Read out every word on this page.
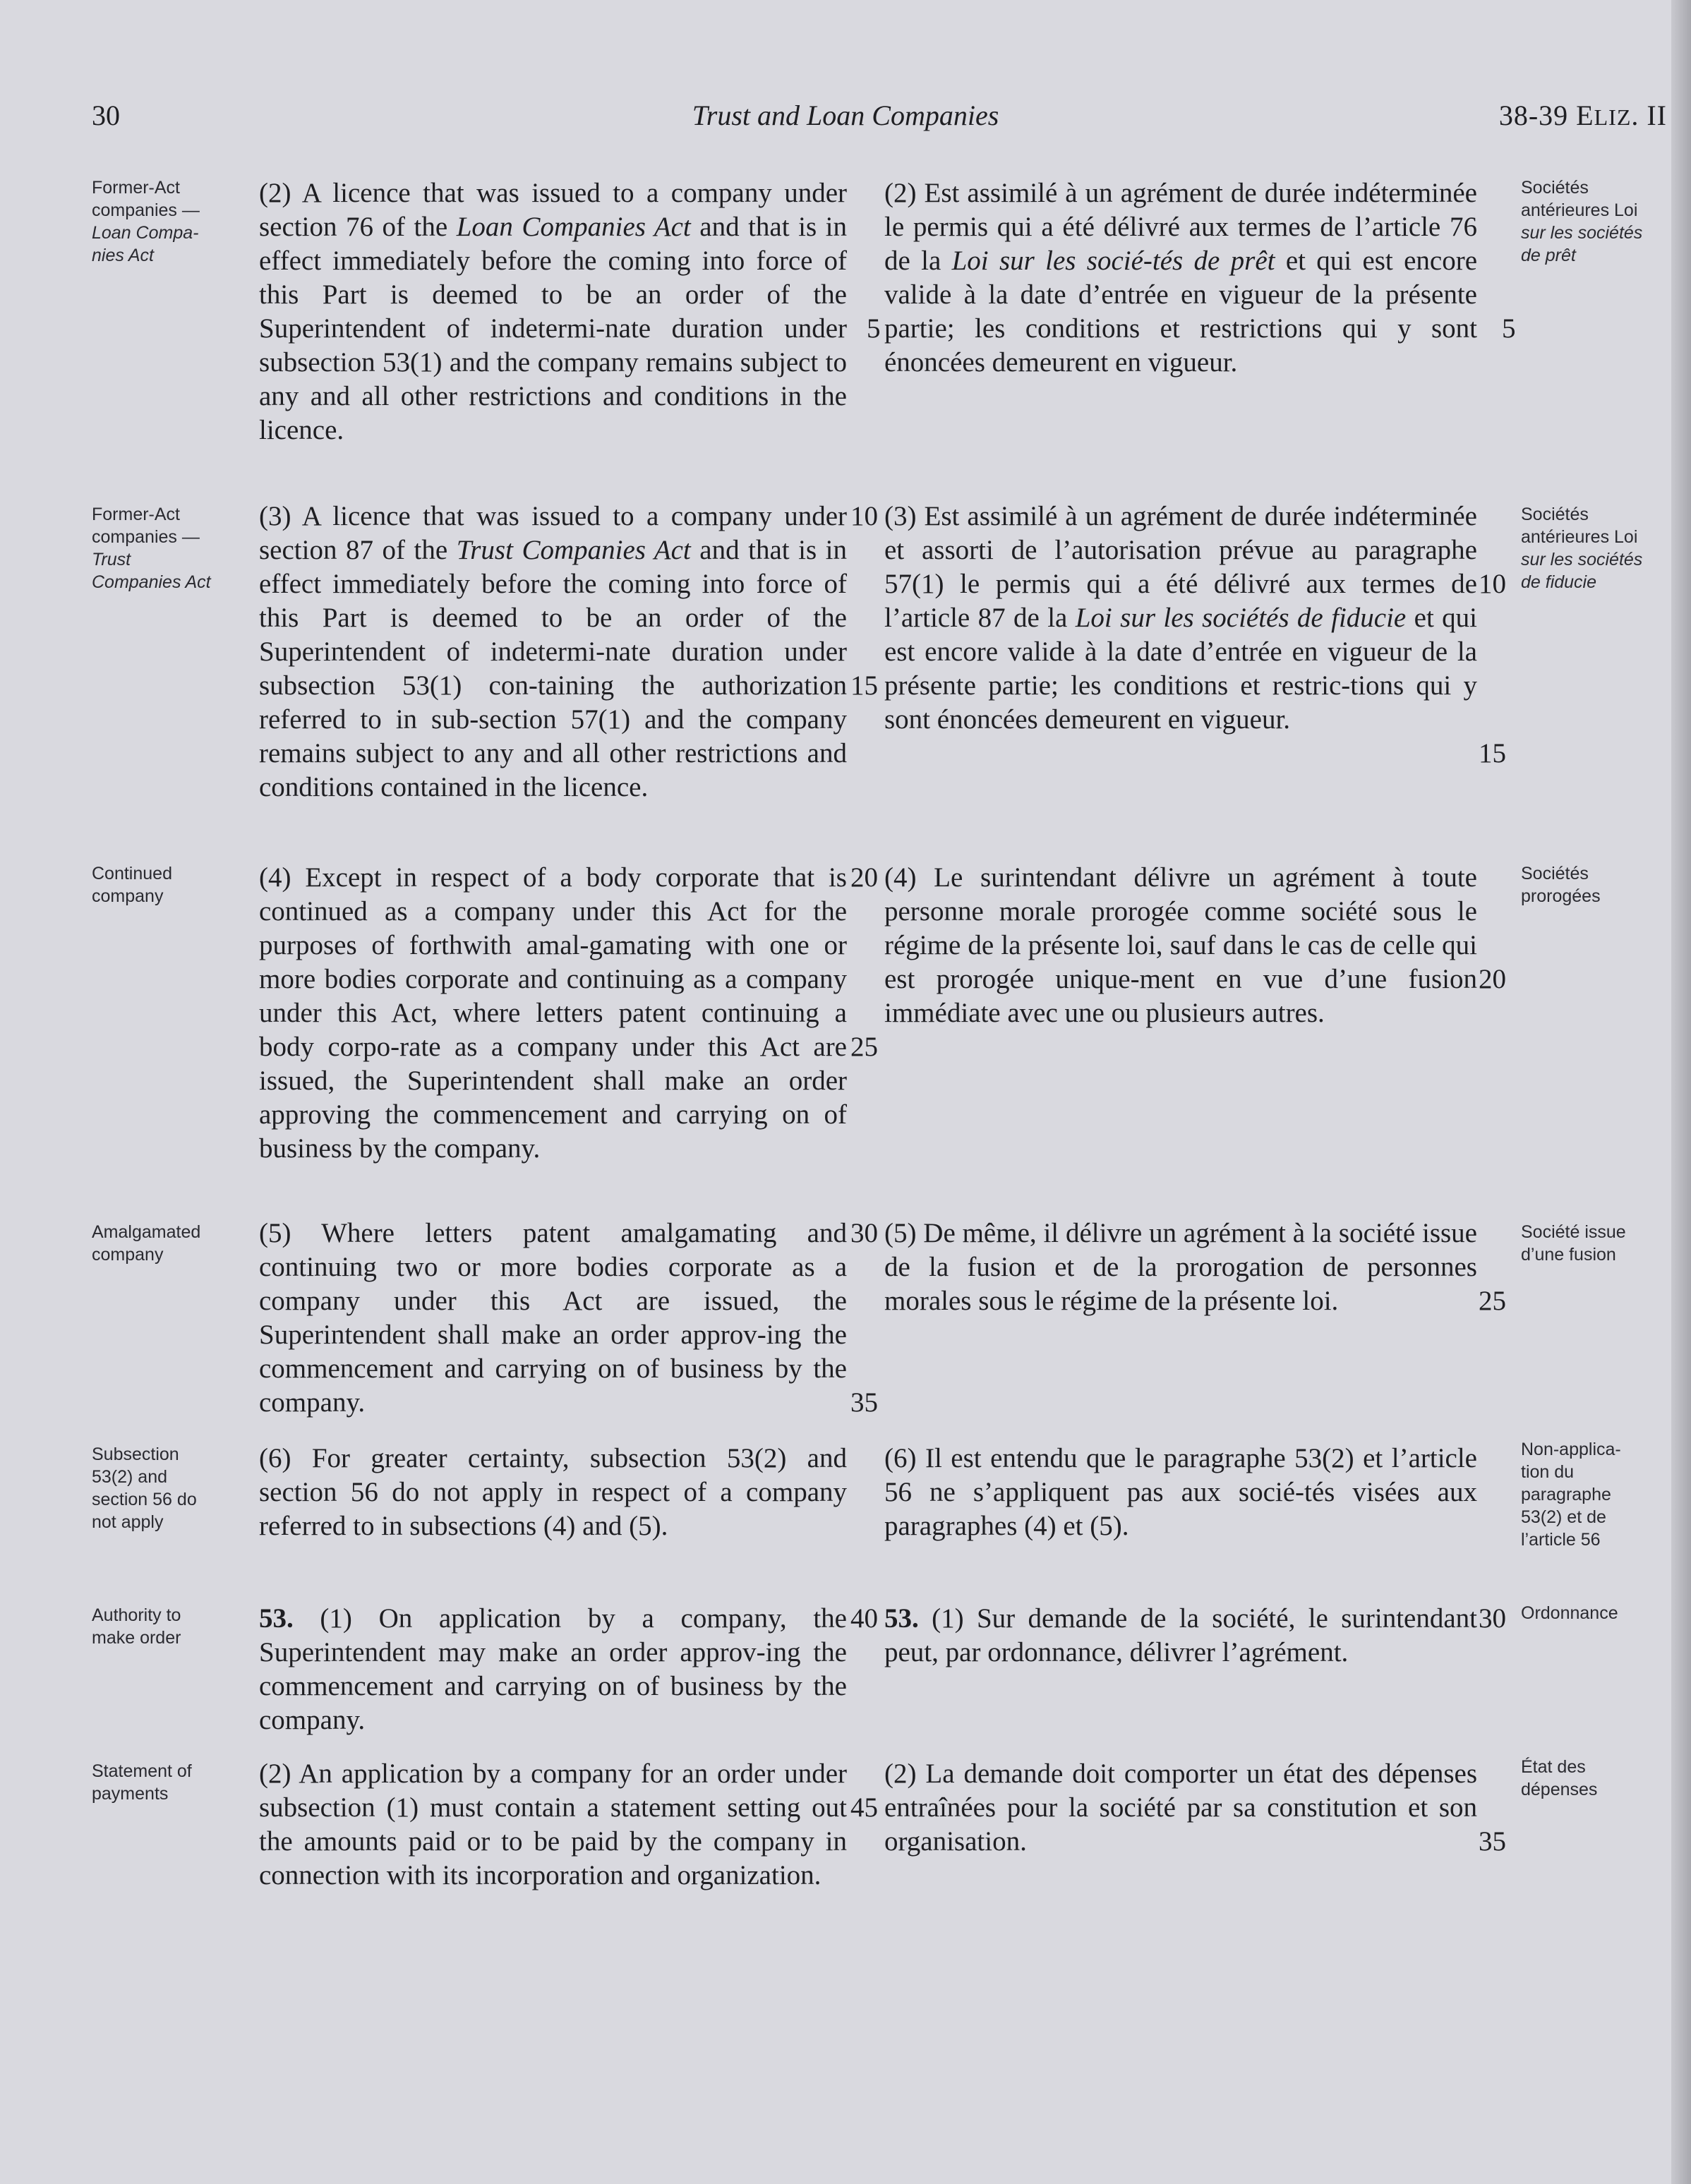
30	Trust and Loan Companies	38-39 ELIZ. II
Former-Act
companies —
Loan Compa-
nies Act
(2) A licence that was issued to a company under section 76 of the Loan Companies Act and that is in effect immediately before the coming into force of this Part is deemed to be an order of the Superintendent of indetermi-nate duration under subsection 53(1) and the company remains subject to any and all other restrictions and conditions in the licence.
(2) Est assimilé à un agrément de durée indéterminée le permis qui a été délivré aux termes de l’article 76 de la Loi sur les socié-tés de prêt et qui est encore valide à la date d’entrée en vigueur de la présente partie; les conditions et restrictions qui y sont énoncées demeurent en vigueur.
Sociétés
antérieures Loi
sur les sociétés
de prêt
5	5
Former-Act
companies —
Trust
Companies Act
(3) A licence that was issued to a company under section 87 of the Trust Companies Act and that is in effect immediately before the coming into force of this Part is deemed to be an order of the Superintendent of indetermi-nate duration under subsection 53(1) con-taining the authorization referred to in sub-section 57(1) and the company remains subject to any and all other restrictions and conditions contained in the licence.
(3) Est assimilé à un agrément de durée indéterminée et assorti de l’autorisation prévue au paragraphe 57(1) le permis qui a été délivré aux termes de l’article 87 de la Loi sur les sociétés de fiducie et qui est encore valide à la date d’entrée en vigueur de la présente partie; les conditions et restric-tions qui y sont énoncées demeurent en vigueur.
Sociétés
antérieures Loi
sur les sociétés
de fiducie
10
15
10
15
Continued
company
(4) Except in respect of a body corporate that is continued as a company under this Act for the purposes of forthwith amal-gamating with one or more bodies corporate and continuing as a company under this Act, where letters patent continuing a body corpo-rate as a company under this Act are issued, the Superintendent shall make an order approving the commencement and carrying on of business by the company.
(4) Le surintendant délivre un agrément à toute personne morale prorogée comme société sous le régime de la présente loi, sauf dans le cas de celle qui est prorogée unique-ment en vue d’une fusion immédiate avec une ou plusieurs autres.
Sociétés
prorogées
20
25
20
Amalgamated
company
(5) Where letters patent amalgamating and continuing two or more bodies corporate as a company under this Act are issued, the Superintendent shall make an order approv-ing the commencement and carrying on of business by the company.
(5) De même, il délivre un agrément à la société issue de la fusion et de la prorogation de personnes morales sous le régime de la présente loi.
Société issue
d’une fusion
30
35
25
Subsection
53(2) and
section 56 do
not apply
(6) For greater certainty, subsection 53(2) and section 56 do not apply in respect of a company referred to in subsections (4) and (5).
(6) Il est entendu que le paragraphe 53(2) et l’article 56 ne s’appliquent pas aux socié-tés visées aux paragraphes (4) et (5).
Non-applica-
tion du
paragraphe
53(2) et de
l’article 56
Authority to
make order
53. (1) On application by a company, the Superintendent may make an order approv-ing the commencement and carrying on of business by the company.
53. (1) Sur demande de la société, le surintendant peut, par ordonnance, délivrer l’agrément.
Ordonnance
40	30
Statement of
payments
(2) An application by a company for an order under subsection (1) must contain a statement setting out the amounts paid or to be paid by the company in connection with its incorporation and organization.
(2) La demande doit comporter un état des dépenses entraînées pour la société par sa constitution et son organisation.
État des
dépenses
45
35
